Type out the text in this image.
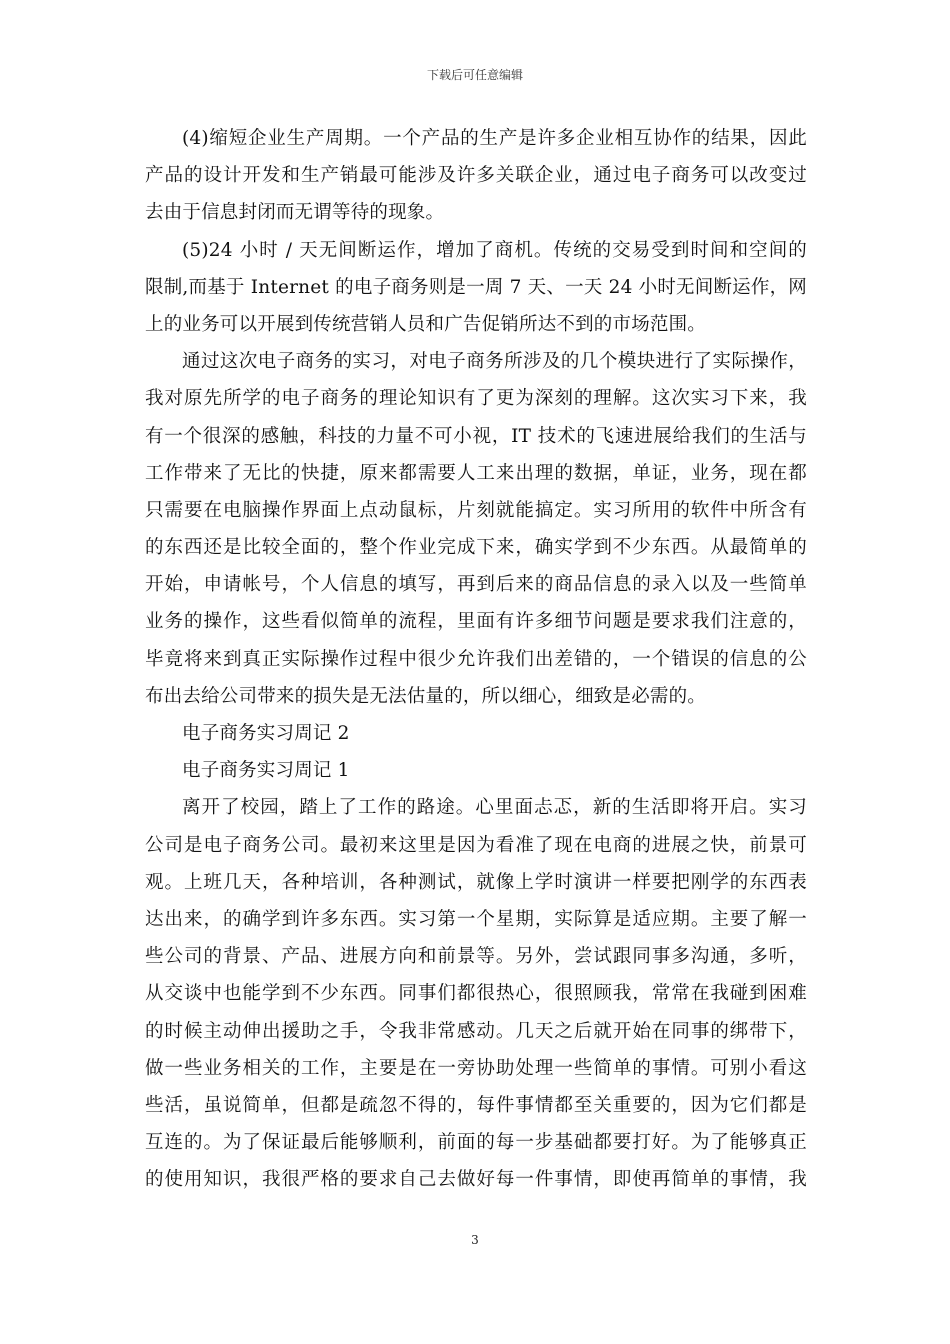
下载后可任意编辑
(4)缩短企业生产周期。一个产品的生产是许多企业相互协作的结果，因此
产品的设计开发和生产销最可能涉及许多关联企业，通过电子商务可以改变过
去由于信息封闭而无谓等待的现象。
(5)24 小时 / 天无间断运作，增加了商机。传统的交易受到时间和空间的
限制,而基于 Internet 的电子商务则是一周 7 天、一天 24 小时无间断运作，网
上的业务可以开展到传统营销人员和广告促销所达不到的市场范围。
通过这次电子商务的实习，对电子商务所涉及的几个模块进行了实际操作，
我对原先所学的电子商务的理论知识有了更为深刻的理解。这次实习下来，我
有一个很深的感触，科技的力量不可小视，IT 技术的飞速进展给我们的生活与
工作带来了无比的快捷，原来都需要人工来出理的数据，单证，业务，现在都
只需要在电脑操作界面上点动鼠标，片刻就能搞定。实习所用的软件中所含有
的东西还是比较全面的，整个作业完成下来，确实学到不少东西。从最简单的
开始，申请帐号，个人信息的填写，再到后来的商品信息的录入以及一些简单
业务的操作，这些看似简单的流程，里面有许多细节问题是要求我们注意的，
毕竟将来到真正实际操作过程中很少允许我们出差错的，一个错误的信息的公
布出去给公司带来的损失是无法估量的，所以细心，细致是必需的。
电子商务实习周记 2
电子商务实习周记 1
离开了校园，踏上了工作的路途。心里面忐忑，新的生活即将开启。实习
公司是电子商务公司。最初来这里是因为看准了现在电商的进展之快，前景可
观。上班几天，各种培训，各种测试，就像上学时演讲一样要把刚学的东西表
达出来，的确学到许多东西。实习第一个星期，实际算是适应期。主要了解一
些公司的背景、产品、进展方向和前景等。另外，尝试跟同事多沟通，多听，
从交谈中也能学到不少东西。同事们都很热心，很照顾我，常常在我碰到困难
的时候主动伸出援助之手，令我非常感动。几天之后就开始在同事的绑带下，
做一些业务相关的工作，主要是在一旁协助处理一些简单的事情。可别小看这
些活，虽说简单，但都是疏忽不得的，每件事情都至关重要的，因为它们都是
互连的。为了保证最后能够顺利，前面的每一步基础都要打好。为了能够真正
的使用知识，我很严格的要求自己去做好每一件事情，即使再简单的事情，我
3
